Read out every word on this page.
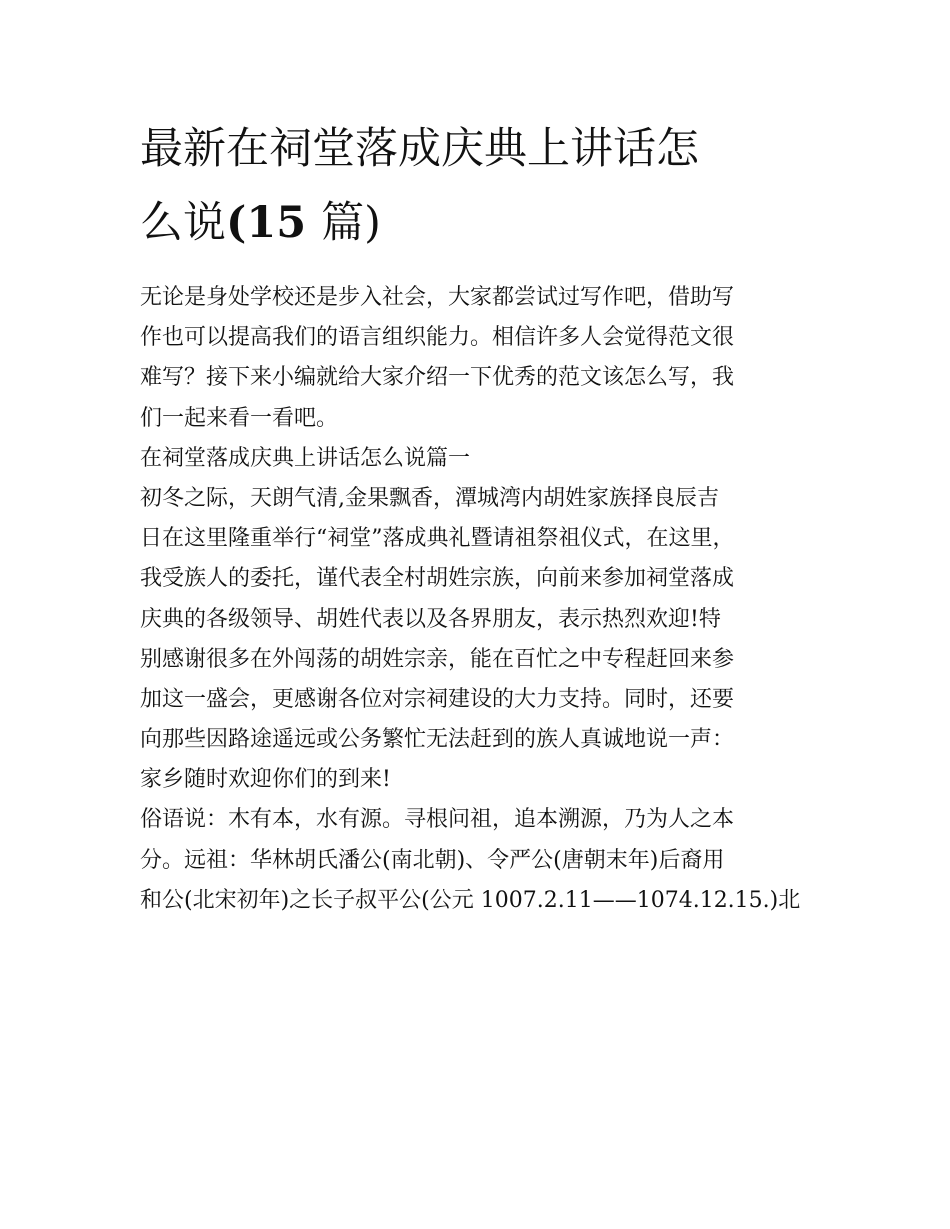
最新在祠堂落成庆典上讲话怎
么说(15 篇)
无论是身处学校还是步入社会，大家都尝试过写作吧，借助写
作也可以提高我们的语言组织能力。相信许多人会觉得范文很
难写？接下来小编就给大家介绍一下优秀的范文该怎么写，我
们一起来看一看吧。
在祠堂落成庆典上讲话怎么说篇一
初冬之际，天朗气清,金果飘香，潭城湾内胡姓家族择良辰吉
日在这里隆重举行“祠堂”落成典礼暨请祖祭祖仪式，在这里，
我受族人的委托，谨代表全村胡姓宗族，向前来参加祠堂落成
庆典的各级领导、胡姓代表以及各界朋友，表示热烈欢迎!特
别感谢很多在外闯荡的胡姓宗亲，能在百忙之中专程赶回来参
加这一盛会，更感谢各位对宗祠建设的大力支持。同时，还要
向那些因路途遥远或公务繁忙无法赶到的族人真诚地说一声：
家乡随时欢迎你们的到来!
俗语说：木有本，水有源。寻根问祖，追本溯源，乃为人之本
分。远祖：华林胡氏潘公(南北朝)、令严公(唐朝末年)后裔用
和公(北宋初年)之长子叔平公(公元 1007.2.11——1074.12.15.)北
